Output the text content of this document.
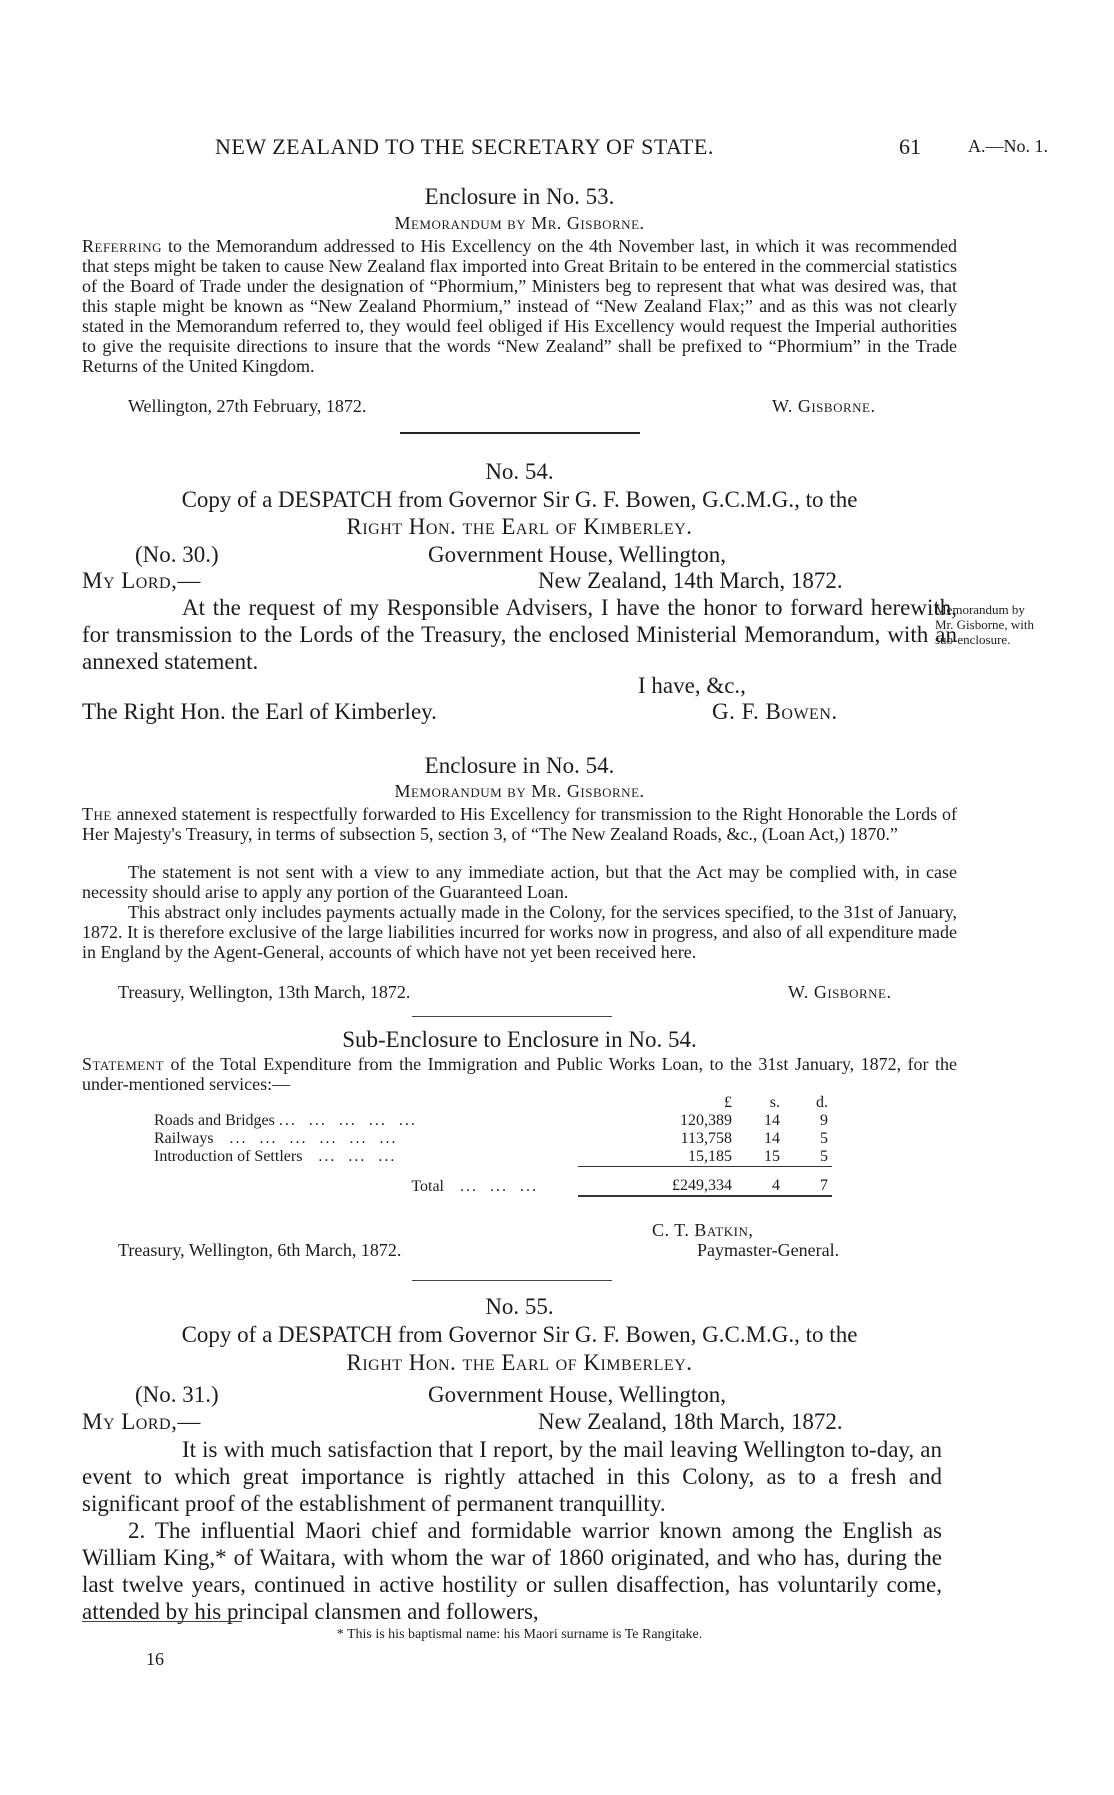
NEW ZEALAND TO THE SECRETARY OF STATE.	61	A.—No. 1.
Enclosure in No. 53.
Memorandum by Mr. Gisborne.
Referring to the Memorandum addressed to His Excellency on the 4th November last, in which it was recommended that steps might be taken to cause New Zealand flax imported into Great Britain to be entered in the commercial statistics of the Board of Trade under the designation of “Phormium,” Ministers beg to represent that what was desired was, that this staple might be known as “New Zealand Phormium,” instead of “New Zealand Flax;” and as this was not clearly stated in the Memorandum referred to, they would feel obliged if His Excellency would request the Imperial authorities to give the requisite directions to insure that the words “New Zealand” shall be prefixed to “Phormium” in the Trade Returns of the United Kingdom.
Wellington, 27th February, 1872.	W. Gisborne.
No. 54.
Copy of a DESPATCH from Governor Sir G. F. Bowen, G.C.M.G., to the
Right Hon. the Earl of Kimberley.
(No. 30.)	Government House, Wellington,
My Lord,—	New Zealand, 14th March, 1872.
At the request of my Responsible Advisers, I have the honor to forward herewith, for transmission to the Lords of the Treasury, the enclosed Ministerial Memorandum, with an annexed statement.
Memorandum by Mr. Gisborne, with sub-enclosure.
I have, &c.,
The Right Hon. the Earl of Kimberley.	G. F. Bowen.
Enclosure in No. 54.
Memorandum by Mr. Gisborne.
The annexed statement is respectfully forwarded to His Excellency for transmission to the Right Honorable the Lords of Her Majesty's Treasury, in terms of subsection 5, section 3, of “The New Zealand Roads, &c., (Loan Act,) 1870.”
The statement is not sent with a view to any immediate action, but that the Act may be complied with, in case necessity should arise to apply any portion of the Guaranteed Loan.
This abstract only includes payments actually made in the Colony, for the services specified, to the 31st of January, 1872. It is therefore exclusive of the large liabilities incurred for works now in progress, and also of all expenditure made in England by the Agent-General, accounts of which have not yet been received here.
Treasury, Wellington, 13th March, 1872.	W. Gisborne.
Sub-Enclosure to Enclosure in No. 54.
Statement of the Total Expenditure from the Immigration and Public Works Loan, to the 31st January, 1872, for the under-mentioned services:—
	£	s.	d.	
Roads and Bridges ...  ...  ...  ...  ...	120,389	14	9	
Railways   ...  ...  ...  ...  ...  ...	113,758	14	5	
Introduction of Settlers   ...  ...  ...	15,185	15	5	

Total   ...  ...  ...	£249,334	4	7	
C. T. Batkin,
Treasury, Wellington, 6th March, 1872.	Paymaster-General.
No. 55.
Copy of a DESPATCH from Governor Sir G. F. Bowen, G.C.M.G., to the
Right Hon. the Earl of Kimberley.
(No. 31.)	Government House, Wellington,
My Lord,—	New Zealand, 18th March, 1872.
It is with much satisfaction that I report, by the mail leaving Wellington to-day, an event to which great importance is rightly attached in this Colony, as to a fresh and significant proof of the establishment of permanent tranquillity.
2. The influential Maori chief and formidable warrior known among the English as William King,* of Waitara, with whom the war of 1860 originated, and who has, during the last twelve years, continued in active hostility or sullen disaffection, has voluntarily come, attended by his principal clansmen and followers,
* This is his baptismal name: his Maori surname is Te Rangitake.
16
